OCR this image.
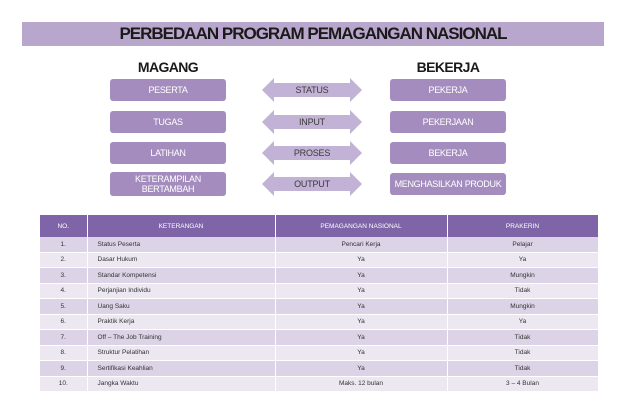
PERBEDAAN PROGRAM PEMAGANGAN NASIONAL
MAGANG	BEKERJA
PESERTA	STATUS	PEKERJA
TUGAS	INPUT	PEKERJAAN
LATIHAN	PROSES	BEKERJA
KETERAMPILAN BERTAMBAH	OUTPUT	MENGHASILKAN PRODUK
NO.	KETERANGAN	PEMAGANGAN NASIONAL	PRAKERIN
1.	Status Peserta	Pencari Kerja	Pelajar
2.	Dasar Hukum	Ya	Ya
3.	Standar Kompetensi	Ya	Mungkin
4.	Perjanjian Individu	Ya	Tidak
5.	Uang Saku	Ya	Mungkin
6.	Praktik Kerja	Ya	Ya
7.	Off – The Job Training	Ya	Tidak
8.	Struktur Pelatihan	Ya	Tidak
9.	Sertifikasi Keahlian	Ya	Tidak
10.	Jangka Waktu	Maks. 12 bulan	3 – 4 Bulan
